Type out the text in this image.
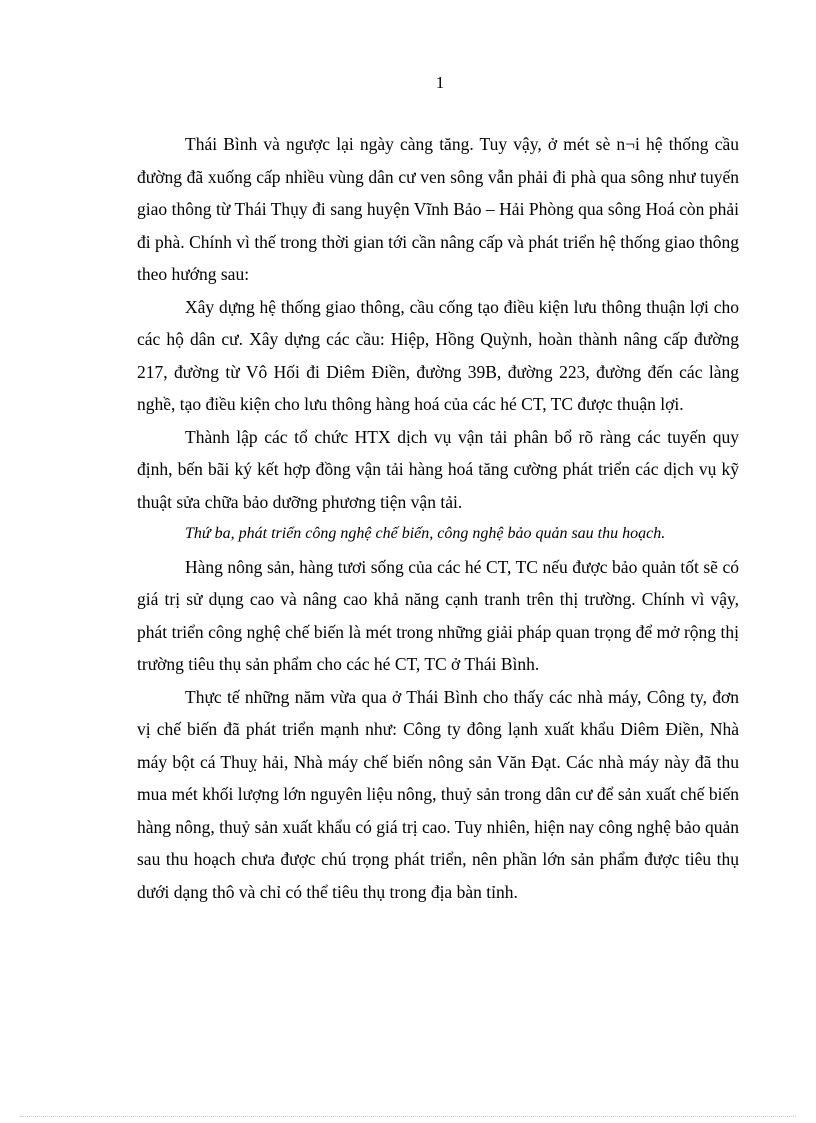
1

Thái Bình và ngược lại ngày càng tăng. Tuy vậy, ở mét sè n¬i hệ thống cầu đường đã xuống cấp nhiều vùng dân cư ven sông vẫn phải đi phà qua sông như tuyến giao thông từ Thái Thụy đi sang huyện Vĩnh Bảo – Hải Phòng qua sông Hoá còn phải đi phà. Chính vì thế trong thời gian tới cần nâng cấp và phát triển hệ thống giao thông theo hướng sau:

Xây dựng hệ thống giao thông, cầu cống tạo điều kiện lưu thông thuận lợi cho các hộ dân cư. Xây dựng các cầu: Hiệp, Hồng Quỳnh, hoàn thành nâng cấp đường 217, đường từ Vô Hối đi Diêm Điền, đường 39B, đường 223, đường đến các làng nghề, tạo điều kiện cho lưu thông hàng hoá của các hé CT, TC được thuận lợi.

Thành lập các tổ chức HTX dịch vụ vận tải phân bổ rõ ràng các tuyến quy định, bến bãi ký kết hợp đồng vận tải hàng hoá tăng cường phát triển các dịch vụ kỹ thuật sửa chữa bảo dưỡng phương tiện vận tải.

Thứ ba, phát triển công nghệ chế biến, công nghệ bảo quản sau thu hoạch.

Hàng nông sản, hàng tươi sống của các hé CT, TC nếu được bảo quản tốt sẽ có giá trị sử dụng cao và nâng cao khả năng cạnh tranh trên thị trường. Chính vì vậy, phát triển công nghệ chế biến là mét trong những giải pháp quan trọng để mở rộng thị trường tiêu thụ sản phẩm cho các hé CT, TC ở Thái Bình.

Thực tế những năm vừa qua ở Thái Bình cho thấy các nhà máy, Công ty, đơn vị chế biến đã phát triển mạnh như: Công ty đông lạnh xuất khẩu Diêm Điền, Nhà máy bột cá Thuỵ hải, Nhà máy chế biến nông sản Văn Đạt. Các nhà máy này đã thu mua mét khối lượng lớn nguyên liệu nông, thuỷ sản trong dân cư để sản xuất chế biến hàng nông, thuỷ sản xuất khẩu có giá trị cao. Tuy nhiên, hiện nay công nghệ bảo quản sau thu hoạch chưa được chú trọng phát triển, nên phần lớn sản phẩm được tiêu thụ dưới dạng thô và chỉ có thể tiêu thụ trong địa bàn tỉnh.
